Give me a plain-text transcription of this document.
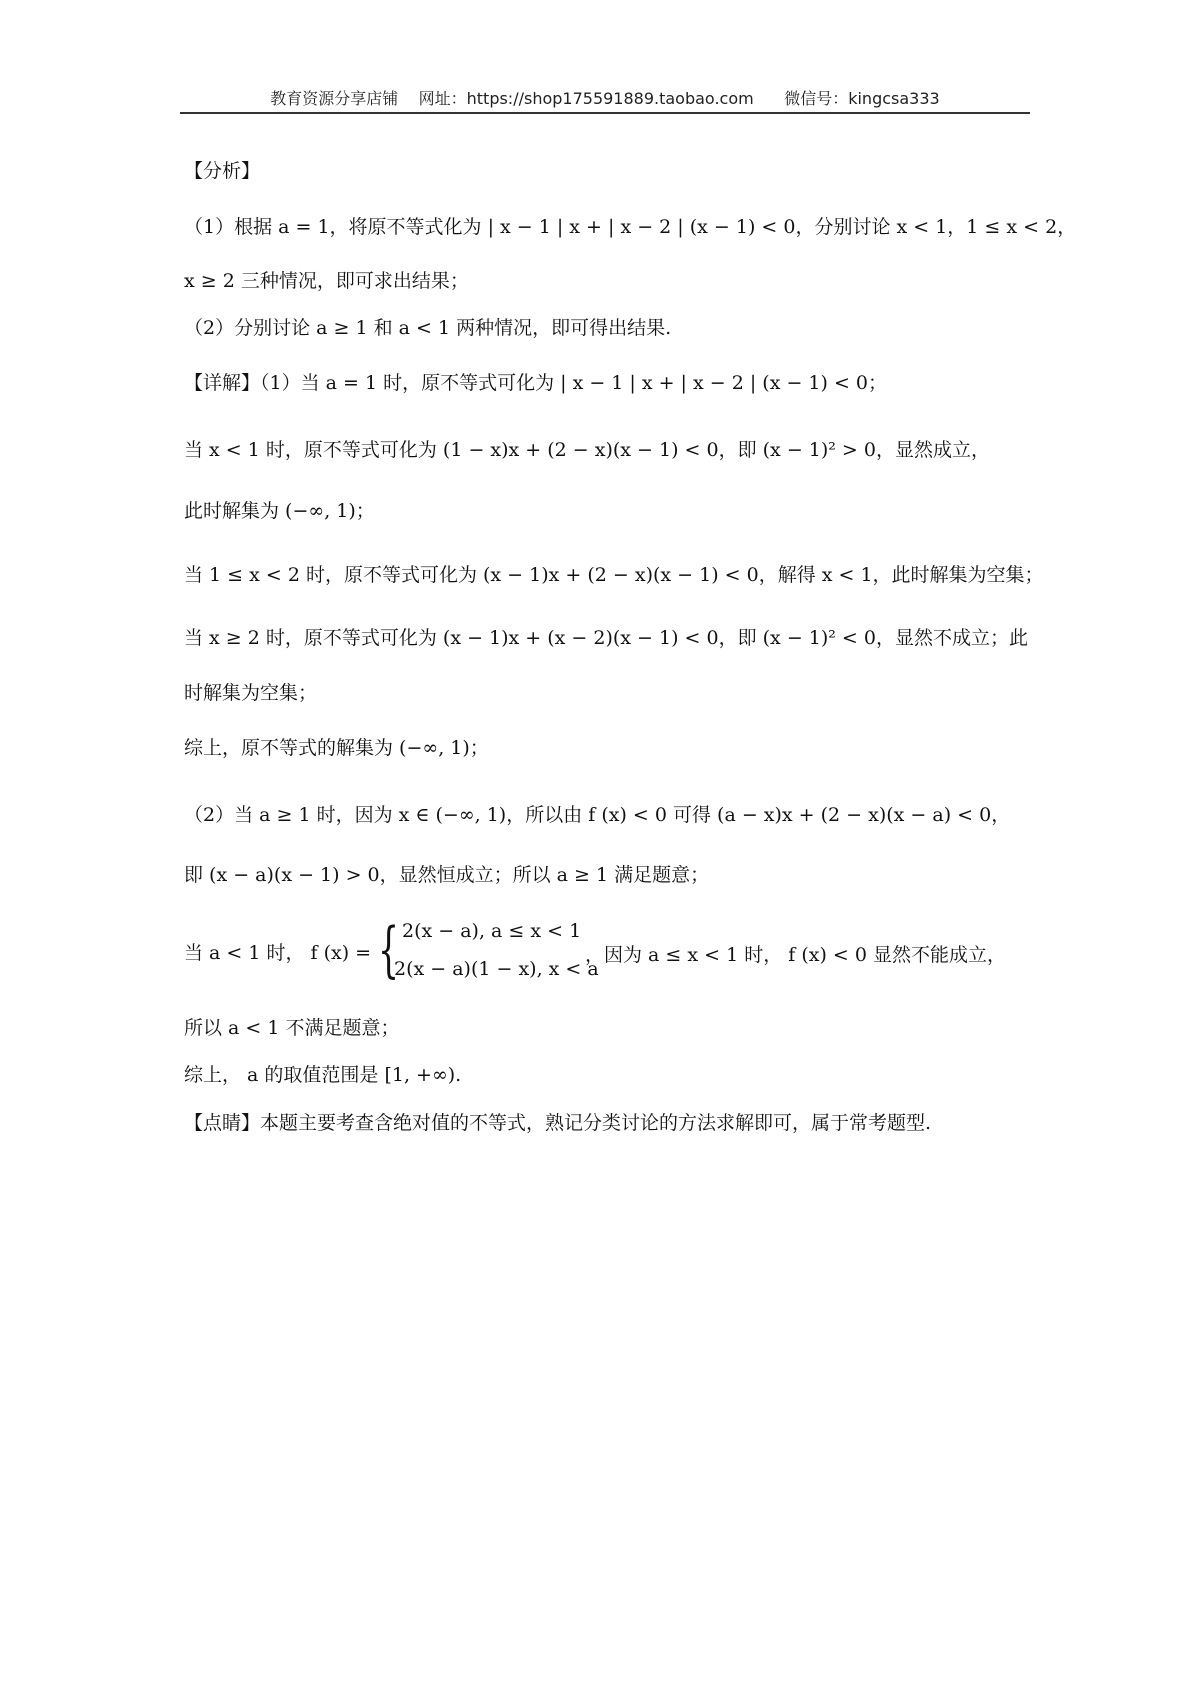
教育资源分享店铺 网址：https://shop175591889.taobao.com 微信号：kingcsa333
【分析】
（1）根据 a = 1，将原不等式化为 | x − 1 | x + | x − 2 | (x − 1) < 0，分别讨论 x < 1，1 ≤ x < 2，
x ≥ 2 三种情况，即可求出结果；
（2）分别讨论 a ≥ 1 和 a < 1 两种情况，即可得出结果.
【详解】（1）当 a = 1 时，原不等式可化为 | x − 1 | x + | x − 2 | (x − 1) < 0；
当 x < 1 时，原不等式可化为 (1 − x)x + (2 − x)(x − 1) < 0，即 (x − 1)² > 0，显然成立，
此时解集为 (−∞, 1)；
当 1 ≤ x < 2 时，原不等式可化为 (x − 1)x + (2 − x)(x − 1) < 0，解得 x < 1，此时解集为空集；
当 x ≥ 2 时，原不等式可化为 (x − 1)x + (x − 2)(x − 1) < 0，即 (x − 1)² < 0，显然不成立；此
时解集为空集；
综上，原不等式的解集为 (−∞, 1)；
（2）当 a ≥ 1 时，因为 x ∈ (−∞, 1)，所以由 f (x) < 0 可得 (a − x)x + (2 − x)(x − a) < 0，
即 (x − a)(x − 1) > 0，显然恒成立；所以 a ≥ 1 满足题意；
当 a < 1 时， f (x) = { 2(x − a), a ≤ x < 1
2(x − a)(1 − x), x < a
，因为 a ≤ x < 1 时， f (x) < 0 显然不能成立，
所以 a < 1 不满足题意；
综上， a 的取值范围是 [1, +∞).
【点睛】本题主要考查含绝对值的不等式，熟记分类讨论的方法求解即可，属于常考题型.
